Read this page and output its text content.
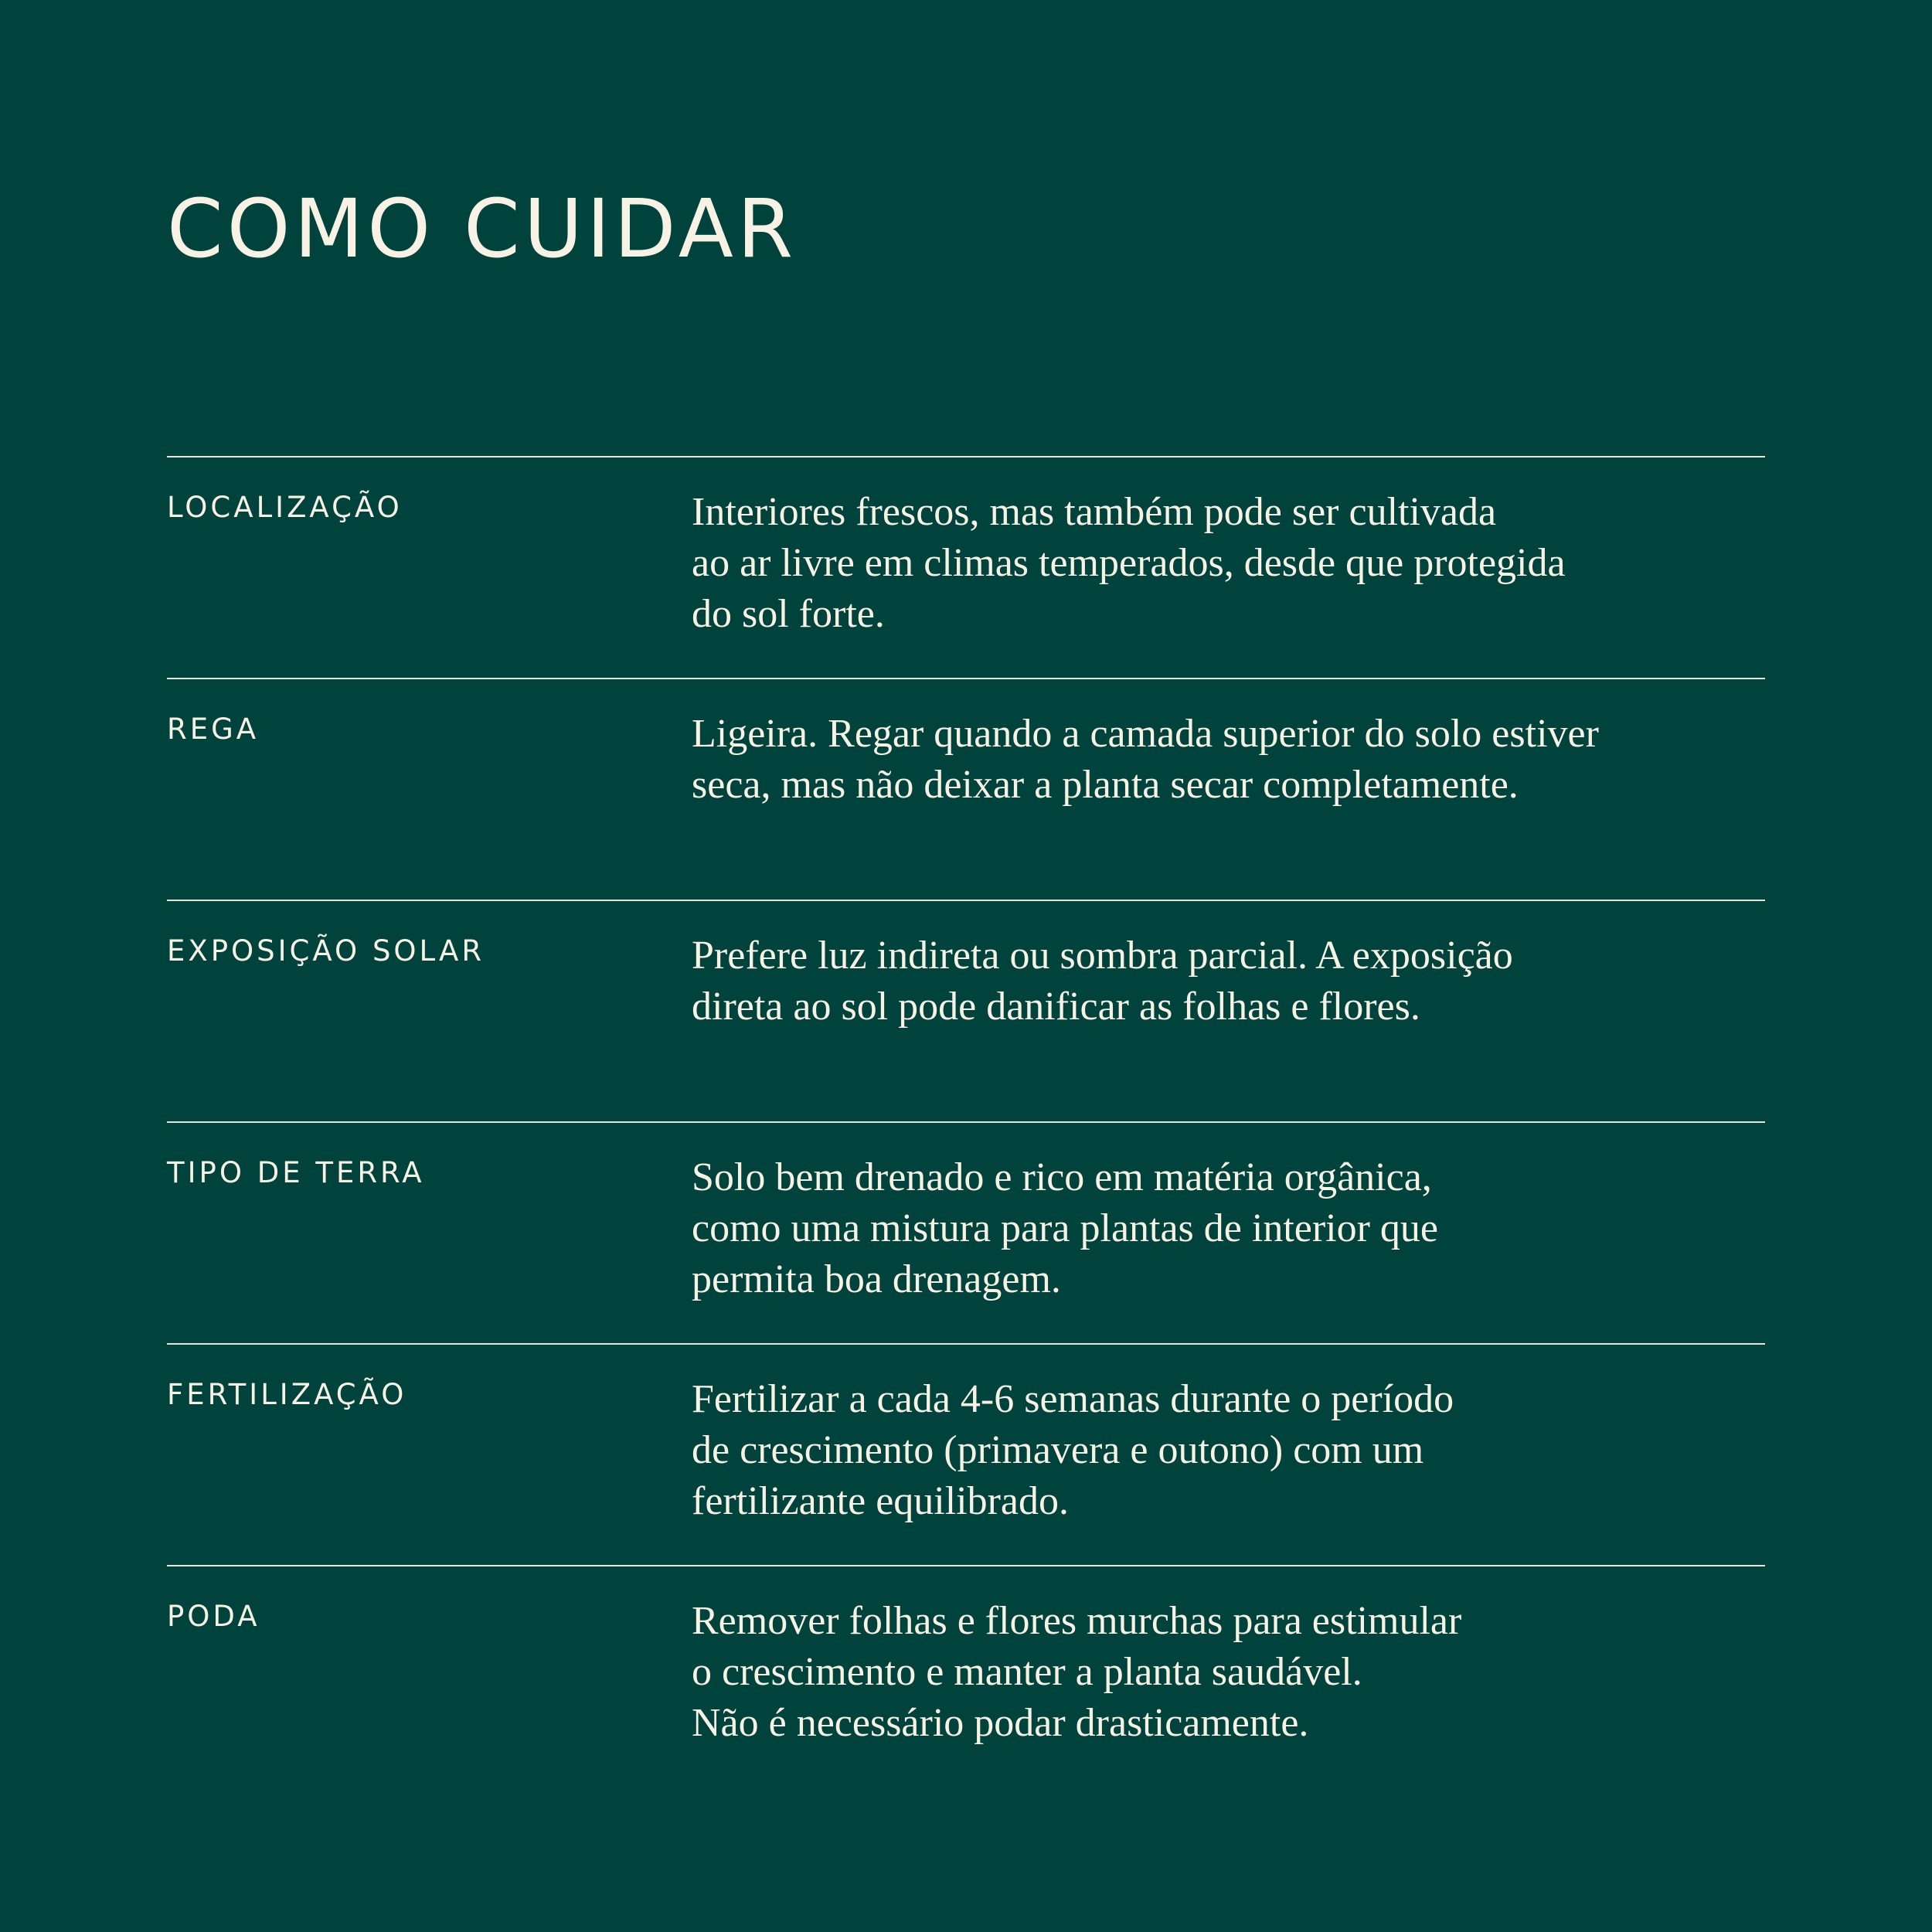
COMO CUIDAR
LOCALIZAÇÃO	Interiores frescos, mas também pode ser cultivada
ao ar livre em climas temperados, desde que protegida
do sol forte.
REGA	Ligeira. Regar quando a camada superior do solo estiver
seca, mas não deixar a planta secar completamente.
EXPOSIÇÃO SOLAR	Prefere luz indireta ou sombra parcial. A exposição
direta ao sol pode danificar as folhas e flores.
TIPO DE TERRA	Solo bem drenado e rico em matéria orgânica,
como uma mistura para plantas de interior que
permita boa drenagem.
FERTILIZAÇÃO	Fertilizar a cada 4-6 semanas durante o período
de crescimento (primavera e outono) com um
fertilizante equilibrado.
PODA	Remover folhas e flores murchas para estimular
o crescimento e manter a planta saudável.
Não é necessário podar drasticamente.
